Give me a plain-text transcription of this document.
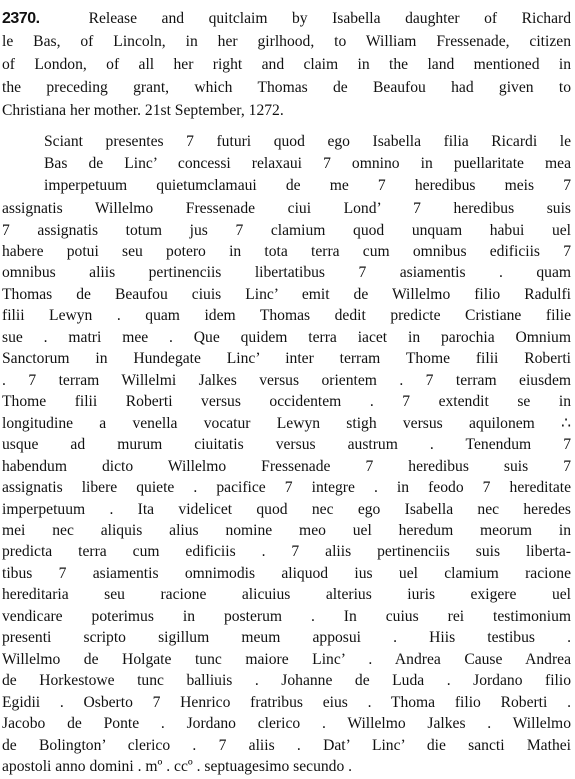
2370.	Release and quitclaim by Isabella daughter of Richard
le Bas, of Lincoln, in her girlhood, to William Fressenade, citizen
of London, of all her right and claim in the land mentioned in
the preceding grant, which Thomas de Beaufou had given to
Christiana her mother. 21st September, 1272.
Sciant presentes 7 futuri quod ego Isabella filia Ricardi le
Bas de Linc’ concessi relaxaui 7 omnino in puellaritate mea
imperpetuum quietumclamaui de me 7 heredibus meis 7
assignatis Willelmo Fressenade ciui Lond’ 7 heredibus suis
7 assignatis totum jus 7 clamium quod unquam habui uel
habere potui seu potero in tota terra cum omnibus edificiis 7
omnibus aliis pertinenciis libertatibus 7 asiamentis . quam
Thomas de Beaufou ciuis Linc’ emit de Willelmo filio Radulfi
filii Lewyn . quam idem Thomas dedit predicte Cristiane filie
sue . matri mee . Que quidem terra iacet in parochia Omnium
Sanctorum in Hundegate Linc’ inter terram Thome filii Roberti
. 7 terram Willelmi Jalkes versus orientem . 7 terram eiusdem
Thome filii Roberti versus occidentem . 7 extendit se in
longitudine a venella vocatur Lewyn stigh versus aquilonem ∴
usque ad murum ciuitatis versus austrum . Tenendum 7
habendum dicto Willelmo Fressenade 7 heredibus suis 7
assignatis libere quiete . pacifice 7 integre . in feodo 7 hereditate
imperpetuum . Ita videlicet quod nec ego Isabella nec heredes
mei nec aliquis alius nomine meo uel heredum meorum in
predicta terra cum edificiis . 7 aliis pertinenciis suis liberta-
tibus 7 asiamentis omnimodis aliquod ius uel clamium racione
hereditaria seu racione alicuius alterius iuris exigere uel
vendicare poterimus in posterum . In cuius rei testimonium
presenti scripto sigillum meum apposui . Hiis testibus .
Willelmo de Holgate tunc maiore Linc’ . Andrea Cause Andrea
de Horkestowe tunc balliuis . Johanne de Luda . Jordano filio
Egidii . Osberto 7 Henrico fratribus eius . Thoma filio Roberti .
Jacobo de Ponte . Jordano clerico . Willelmo Jalkes . Willelmo
de Bolington’ clerico . 7 aliis . Dat’ Linc’ die sancti Mathei
apostoli anno domini . mº . ccº . septuagesimo secundo .
